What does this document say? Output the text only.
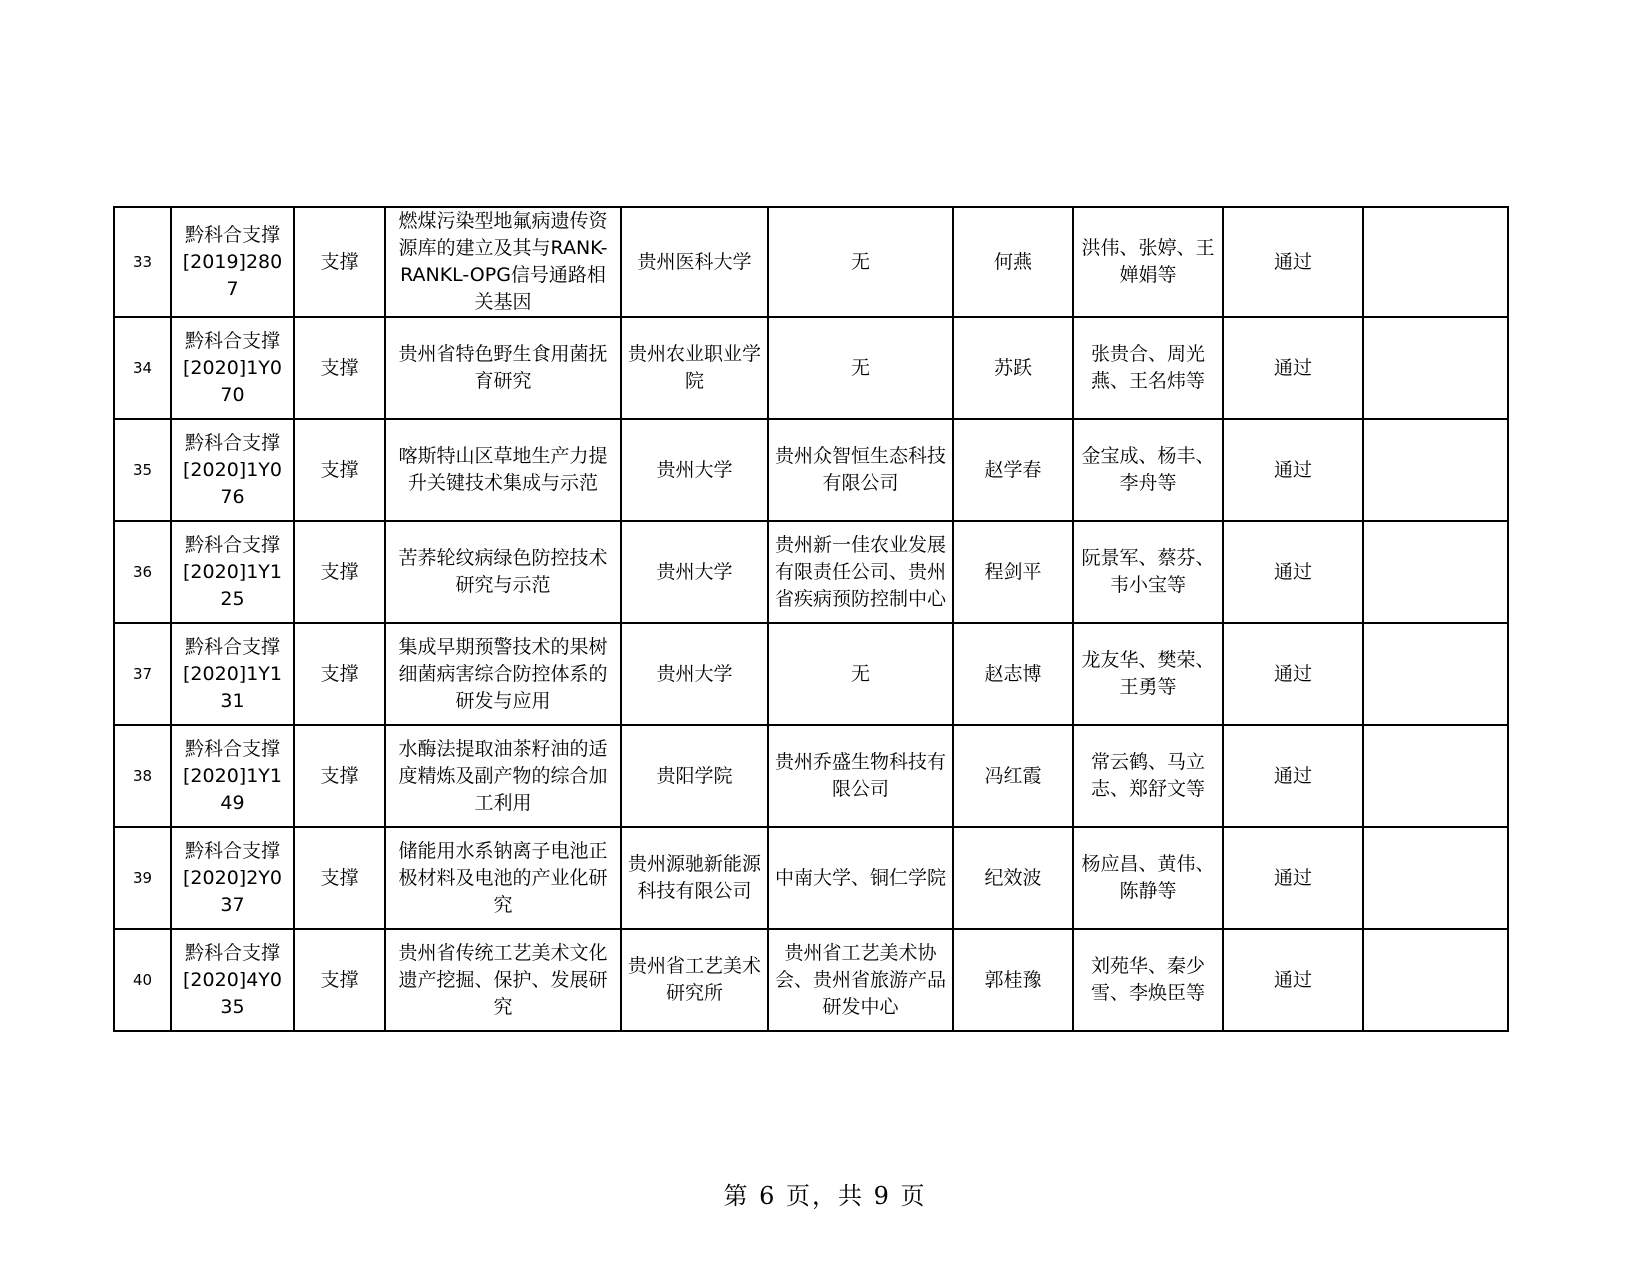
33	黔科合支撑[2019]2807	支撑	燃煤污染型地氟病遗传资源库的建立及其与RANK-RANKL-OPG信号通路相关基因	贵州医科大学	无	何燕	洪伟、张婷、王婵娟等	通过	
34	黔科合支撑[2020]1Y070	支撑	贵州省特色野生食用菌抚育研究	贵州农业职业学院	无	苏跃	张贵合、周光燕、王名炜等	通过	
35	黔科合支撑[2020]1Y076	支撑	喀斯特山区草地生产力提升关键技术集成与示范	贵州大学	贵州众智恒生态科技有限公司	赵学春	金宝成、杨丰、李舟等	通过	
36	黔科合支撑[2020]1Y125	支撑	苦荞轮纹病绿色防控技术研究与示范	贵州大学	贵州新一佳农业发展有限责任公司、贵州省疾病预防控制中心	程剑平	阮景军、蔡芬、韦小宝等	通过	
37	黔科合支撑[2020]1Y131	支撑	集成早期预警技术的果树细菌病害综合防控体系的研发与应用	贵州大学	无	赵志博	龙友华、樊荣、王勇等	通过	
38	黔科合支撑[2020]1Y149	支撑	水酶法提取油茶籽油的适度精炼及副产物的综合加工利用	贵阳学院	贵州乔盛生物科技有限公司	冯红霞	常云鹤、马立志、郑舒文等	通过	
39	黔科合支撑[2020]2Y037	支撑	储能用水系钠离子电池正极材料及电池的产业化研究	贵州源驰新能源科技有限公司	中南大学、铜仁学院	纪效波	杨应昌、黄伟、陈静等	通过	
40	黔科合支撑[2020]4Y035	支撑	贵州省传统工艺美术文化遗产挖掘、保护、发展研究	贵州省工艺美术研究所	贵州省工艺美术协会、贵州省旅游产品研发中心	郭桂豫	刘苑华、秦少雪、李焕臣等	通过	
第 6 页，共 9 页
